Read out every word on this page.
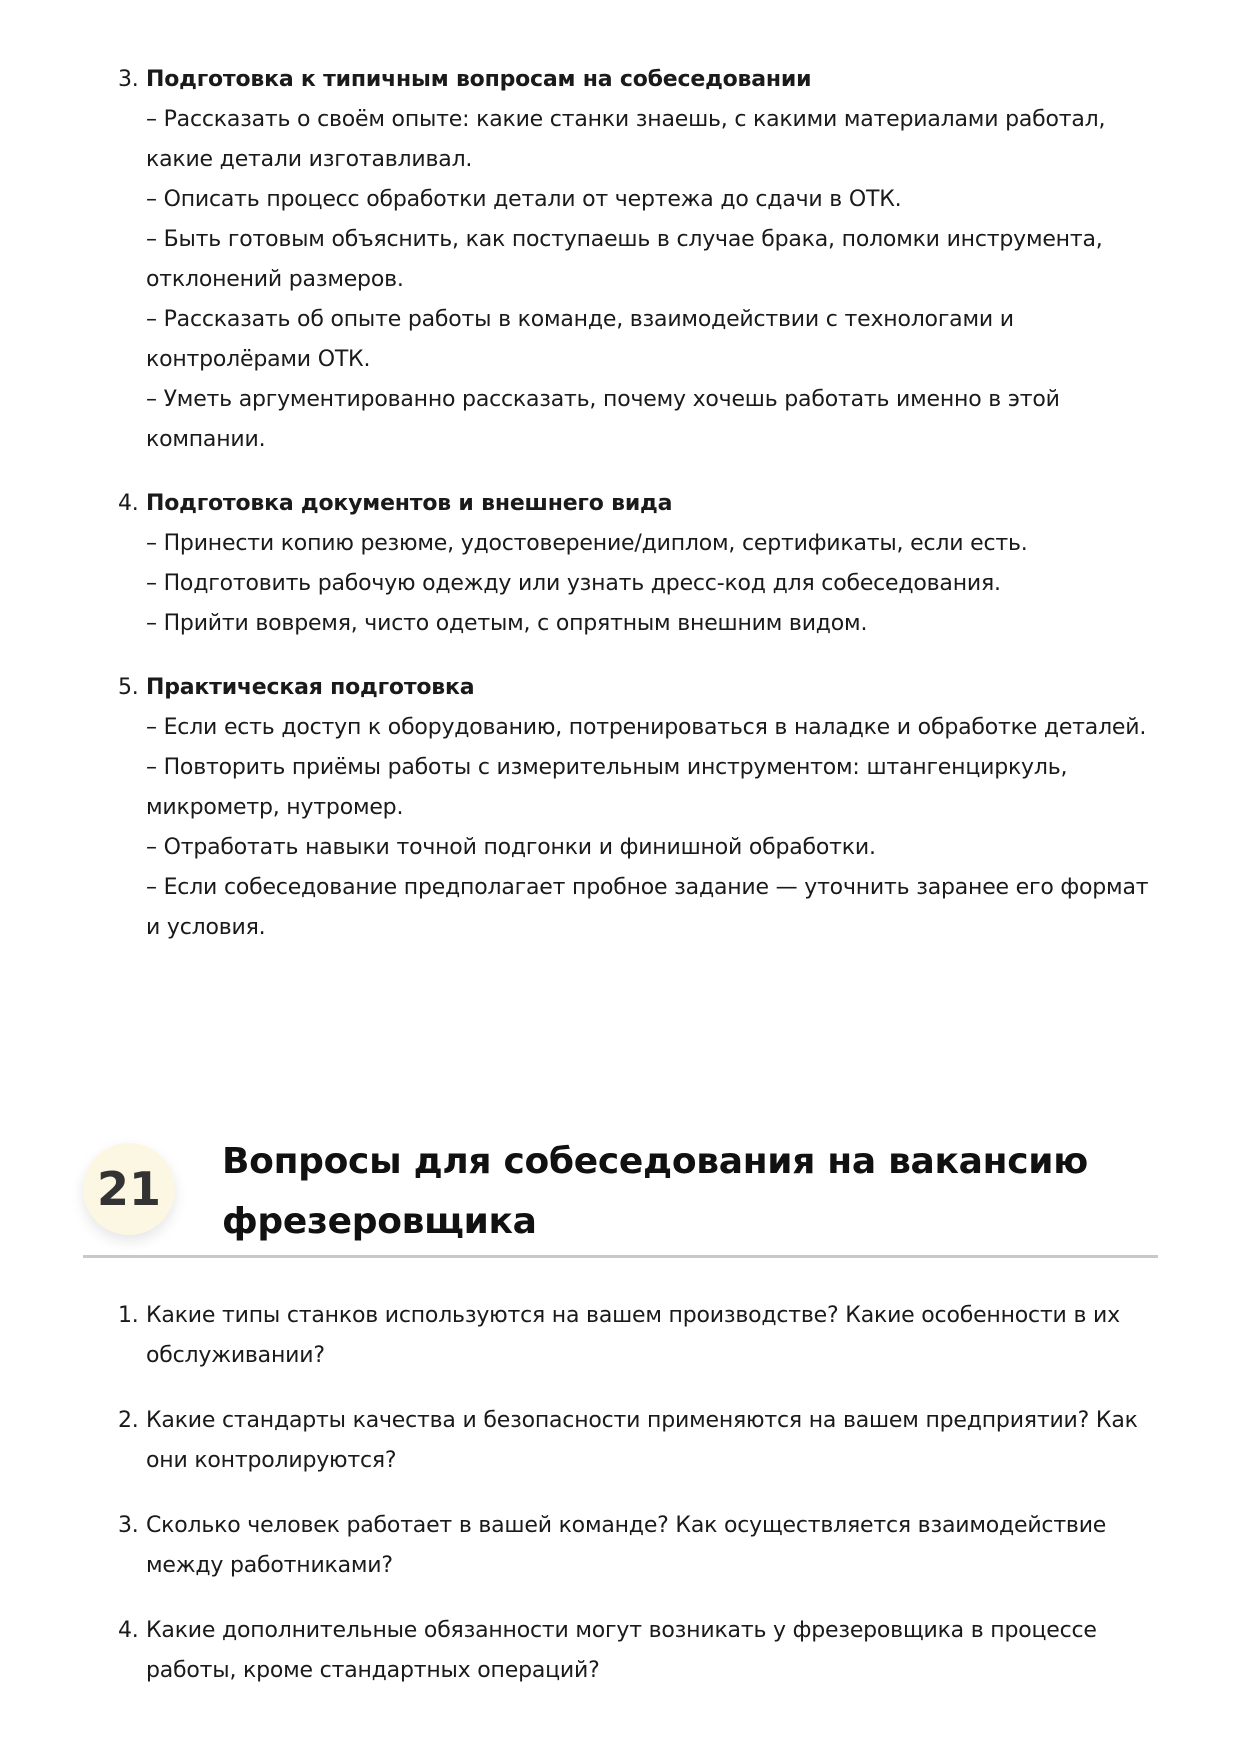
3. Подготовка к типичным вопросам на собеседовании
– Рассказать о своём опыте: какие станки знаешь, с какими материалами работал,
какие детали изготавливал.
– Описать процесс обработки детали от чертежа до сдачи в ОТК.
– Быть готовым объяснить, как поступаешь в случае брака, поломки инструмента,
отклонений размеров.
– Рассказать об опыте работы в команде, взаимодействии с технологами и
контролёрами ОТК.
– Уметь аргументированно рассказать, почему хочешь работать именно в этой
компании.
4. Подготовка документов и внешнего вида
– Принести копию резюме, удостоверение/диплом, сертификаты, если есть.
– Подготовить рабочую одежду или узнать дресс-код для собеседования.
– Прийти вовремя, чисто одетым, с опрятным внешним видом.
5. Практическая подготовка
– Если есть доступ к оборудованию, потренироваться в наладке и обработке деталей.
– Повторить приёмы работы с измерительным инструментом: штангенциркуль,
микрометр, нутромер.
– Отработать навыки точной подгонки и финишной обработки.
– Если собеседование предполагает пробное задание — уточнить заранее его формат
и условия.
21
Вопросы для собеседования на вакансию
фрезеровщика
1. Какие типы станков используются на вашем производстве? Какие особенности в их
обслуживании?
2. Какие стандарты качества и безопасности применяются на вашем предприятии? Как
они контролируются?
3. Сколько человек работает в вашей команде? Как осуществляется взаимодействие
между работниками?
4. Какие дополнительные обязанности могут возникать у фрезеровщика в процессе
работы, кроме стандартных операций?
